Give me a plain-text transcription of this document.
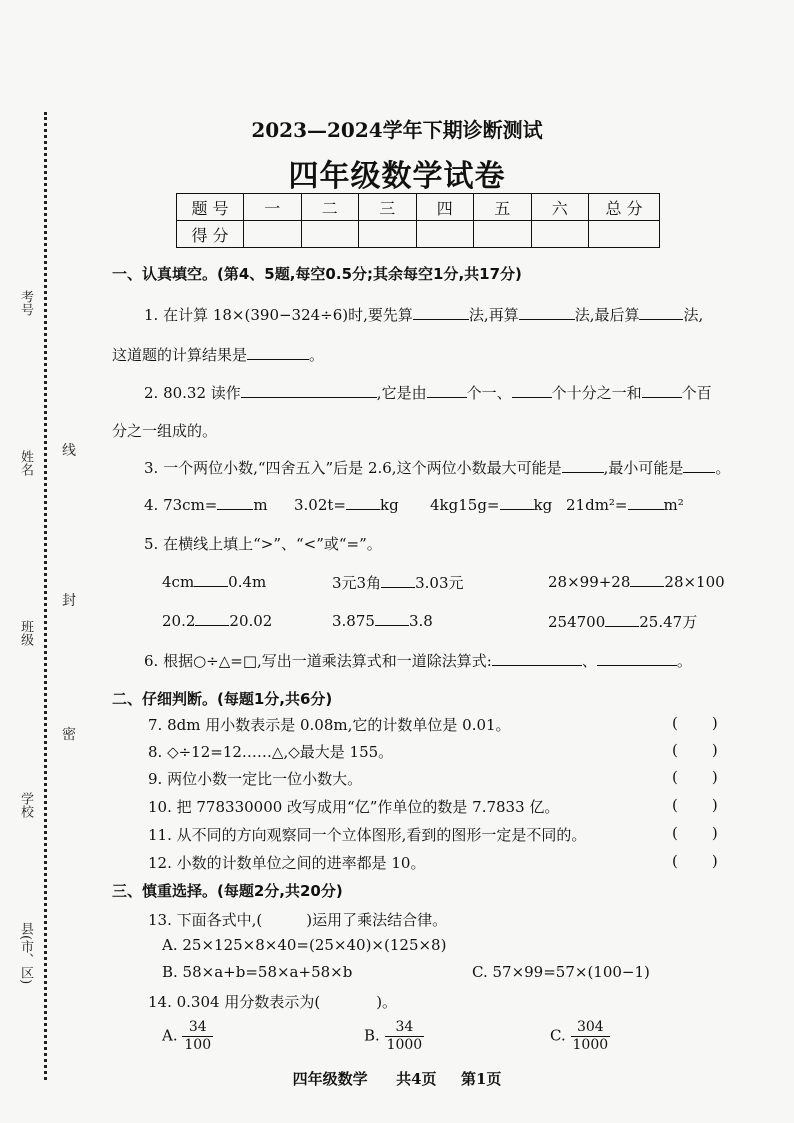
线
封
密
县(市、区)
学校
班级
姓名
考号
2023—2024学年下期诊断测试
四年级数学试卷
题 号	一	二	三	四	五	六	总 分
得 分							
一、认真填空。(第4、5题,每空0.5分;其余每空1分,共17分)
1. 在计算 18×(390−324÷6)时,要先算	法,再算	法,最后算	法,
这道题的计算结果是	。
2. 80.32 读作	,它是由	个一、	个十分之一和	个百
分之一组成的。
3. 一个两位小数,“四舍五入”后是 2.6,这个两位小数最大可能是	,最小可能是 。
4. 73cm= m 3.02t= kg 4kg15g= kg 21dm²= m²
5. 在横线上填上“>”、“<”或“=”。
4cm 0.4m	3元3角 3.03元	28×99+28 28×100
20.2 20.02	3.875 3.8	254700 25.47万
6. 根据○÷△=□,写出一道乘法算式和一道除法算式:	、	。
二、仔细判断。(每题1分,共6分)
7. 8dm 用小数表示是 0.08m,它的计数单位是 0.01。
8. ◇÷12=12……△,◇最大是 155。
9. 两位小数一定比一位小数大。
10. 把 778330000 改写成用“亿”作单位的数是 7.7833 亿。
11. 从不同的方向观察同一个立体图形,看到的图形一定是不同的。
12. 小数的计数单位之间的进率都是 10。
( )
( )
( )
( )
( )
( )
三、慎重选择。(每题2分,共20分)
13. 下面各式中,(	)运用了乘法结合律。
A. 25×125×8×40=(25×40)×(125×8)
B. 58×a+b=58×a+58×b	C. 57×99=57×(100−1)
14. 0.304 用分数表示为(	)。
A. $\frac{34}{100}$	B. $\frac{34}{1000}$	C. $\frac{304}{1000}$
四年级数学 共4页 第1页
